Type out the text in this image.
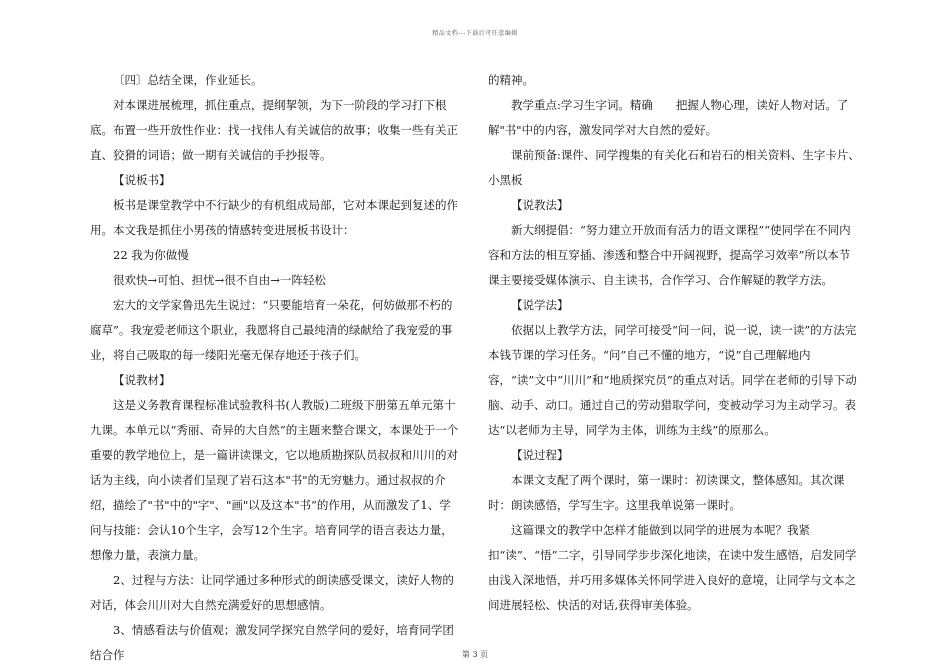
精品文档---下载后可任意编辑

〔四〕总结全课，作业延长。

对本课进展梳理，抓住重点，提纲挈领，为下一阶段的学习打下根底。布置一些开放性作业：找一找伟人有关诚信的故事；收集一些有关正直、狡猾的词语；做一期有关诚信的手抄报等。

【说板书】

板书是课堂教学中不行缺少的有机组成局部，它对本课起到复述的作用。本文我是抓住小男孩的情感转变进展板书设计：

22 我为你做慢

很欢快→可怕、担忧→很不自由→一阵轻松

宏大的文学家鲁迅先生说过：“只要能培育一朵花，何妨做那不朽的腐草”。我宠爱老师这个职业，我愿将自己最纯清的绿献给了我宠爱的事业，将自己吸取的每一缕阳光毫无保存地还于孩子们。

【说教材】

这是义务教育课程标准试验教科书(人教版)二班级下册第五单元第十九课。本单元以“秀丽、奇异的大自然”的主题来整合课文，本课处于一个重要的教学地位上，是一篇讲读课文，它以地质勘探队员叔叔和川川的对话为主线，向小读者们呈现了岩石这本"书"的无穷魅力。通过叔叔的介绍，描绘了"书"中的"字"、"画"以及这本"书“的作用，从而激发了1、学问与技能：会认10个生字，会写12个生字。培育同学的语言表达力量，想像力量，表演力量。

2、过程与方法：让同学通过多种形式的朗读感受课文，读好人物的对话，体会川川对大自然充满爱好的思想感情。

3、情感看法与价值观；激发同学探究自然学问的爱好，培育同学团结合作

的精神。

教学重点:学习生字词。精确　　把握人物心理，读好人物对话。了解"书"中的内容，激发同学对大自然的爱好。

课前预备:课件、同学搜集的有关化石和岩石的相关资料、生字卡片、小黑板

【说教法】

新大纲提倡：“努力建立开放而有活力的语文课程”“使同学在不同内容和方法的相互穿插、渗透和整合中开阔视野，提高学习效率”所以本节课主要接受媒体演示、自主读书，合作学习、合作解疑的教学方法。

【说学法】

依据以上教学方法，同学可接受“问一问，说一说，读一读”的方法完本钱节课的学习任务。“问”自己不懂的地方，“说”自己理解地内容，“读”文中“川川”和“地质探究员”的重点对话。同学在老师的引导下动脑、动手、动口。通过自己的劳动猎取学问，变被动学习为主动学习。表达“以老师为主导，同学为主体，训练为主线”的原那么。

【说过程】

本课文支配了两个课时，第一课时：初读课文，整体感知。其次课时：朗读感悟，学写生字。这里我单说第一课时。

这篇课文的教学中怎样才能做到以同学的进展为本呢？我紧扣“读”、“悟”二字，引导同学步步深化地读，在读中发生感悟，启发同学由浅入深地悟，并巧用多媒体关怀同学进入良好的意境，让同学与文本之间进展轻松、快活的对话,获得审美体验。

第 3 页
